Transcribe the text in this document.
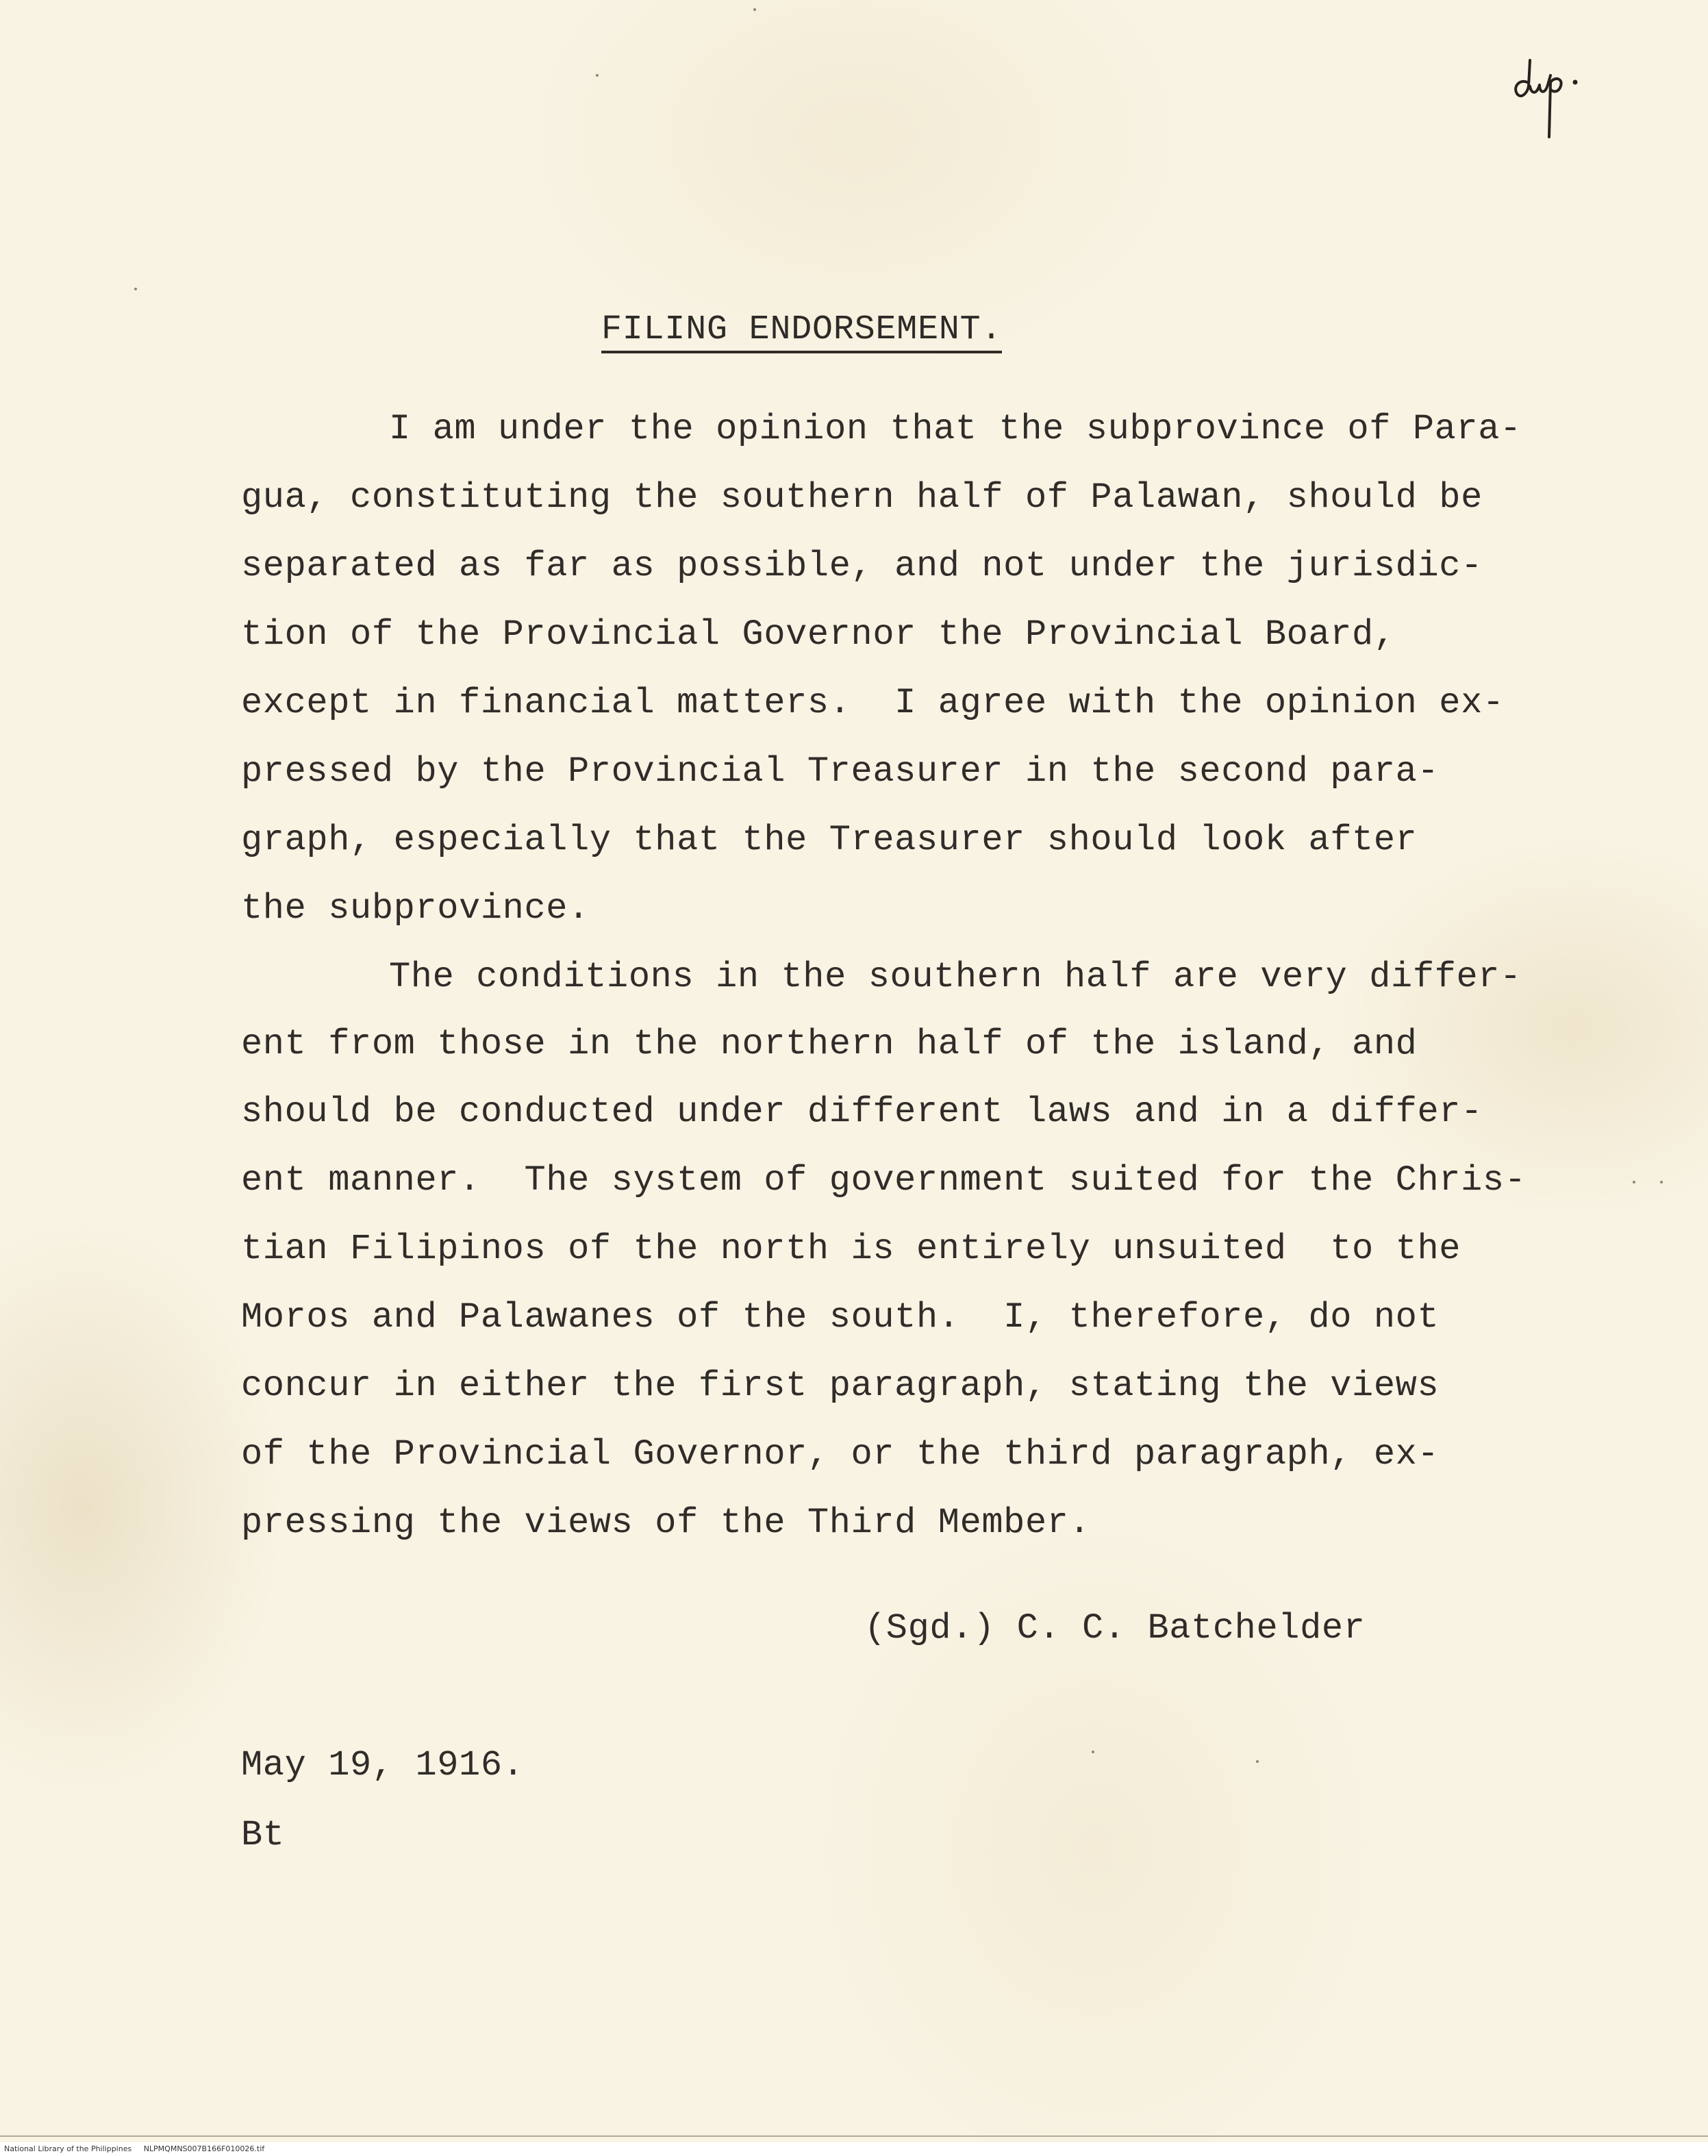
FILING ENDORSEMENT.
I am under the opinion that the subprovince of Para-
gua, constituting the southern half of Palawan, should be
separated as far as possible, and not under the jurisdic-
tion of the Provincial Governor the Provincial Board,
except in financial matters.  I agree with the opinion ex-
pressed by the Provincial Treasurer in the second para-
graph, especially that the Treasurer should look after
the subprovince.
The conditions in the southern half are very differ-
ent from those in the northern half of the island, and
should be conducted under different laws and in a differ-
ent manner.  The system of government suited for the Chris-
tian Filipinos of the north is entirely unsuited  to the
Moros and Palawanes of the south.  I, therefore, do not
concur in either the first paragraph, stating the views
of the Provincial Governor, or the third paragraph, ex-
pressing the views of the Third Member.
(Sgd.) C. C. Batchelder
May 19, 1916.
Bt
National Library of the Philippines     NLPMQMNS007B166F010026.tif
